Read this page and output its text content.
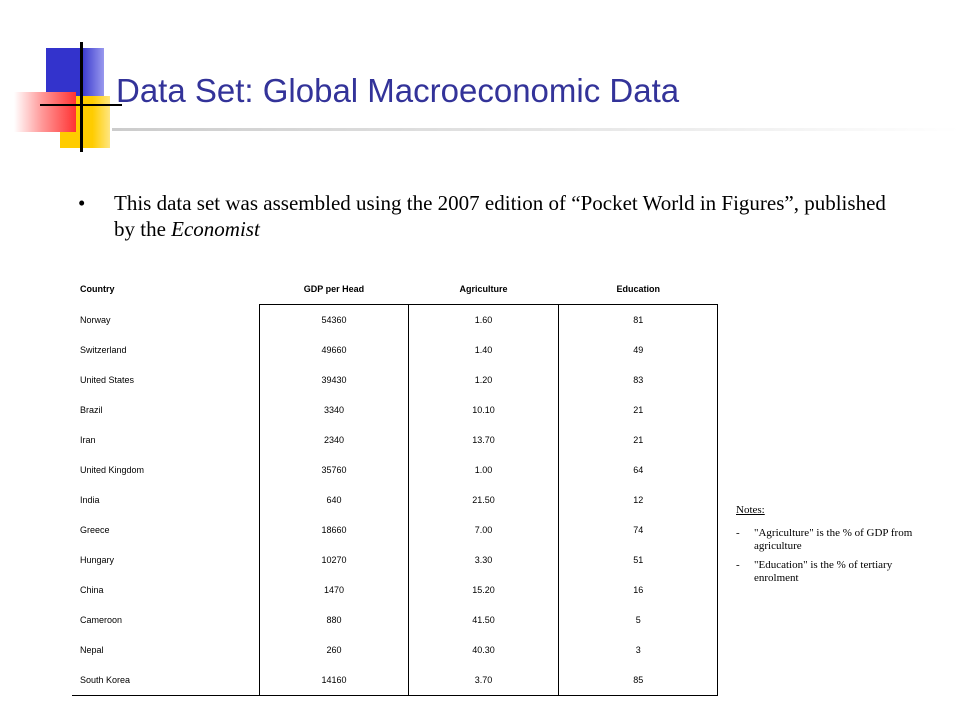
Data Set: Global Macroeconomic Data
• This data set was assembled using the 2007 edition of “Pocket World in Figures”, published by the Economist
Country	GDP per Head	Agriculture	Education

Norway	54360	1.60	81

Switzerland	49660	1.40	49

United States	39430	1.20	83

Brazil	3340	10.10	21

Iran	2340	13.70	21

United Kingdom	35760	1.00	64

India	640	21.50	12

Greece	18660	7.00	74

Hungary	10270	3.30	51

China	1470	15.20	16

Cameroon	880	41.50	5

Nepal	260	40.30	3

South Korea	14160	3.70	85
Notes:
- "Agriculture" is the % of GDP from agriculture
- "Education" is the % of tertiary enrolment
